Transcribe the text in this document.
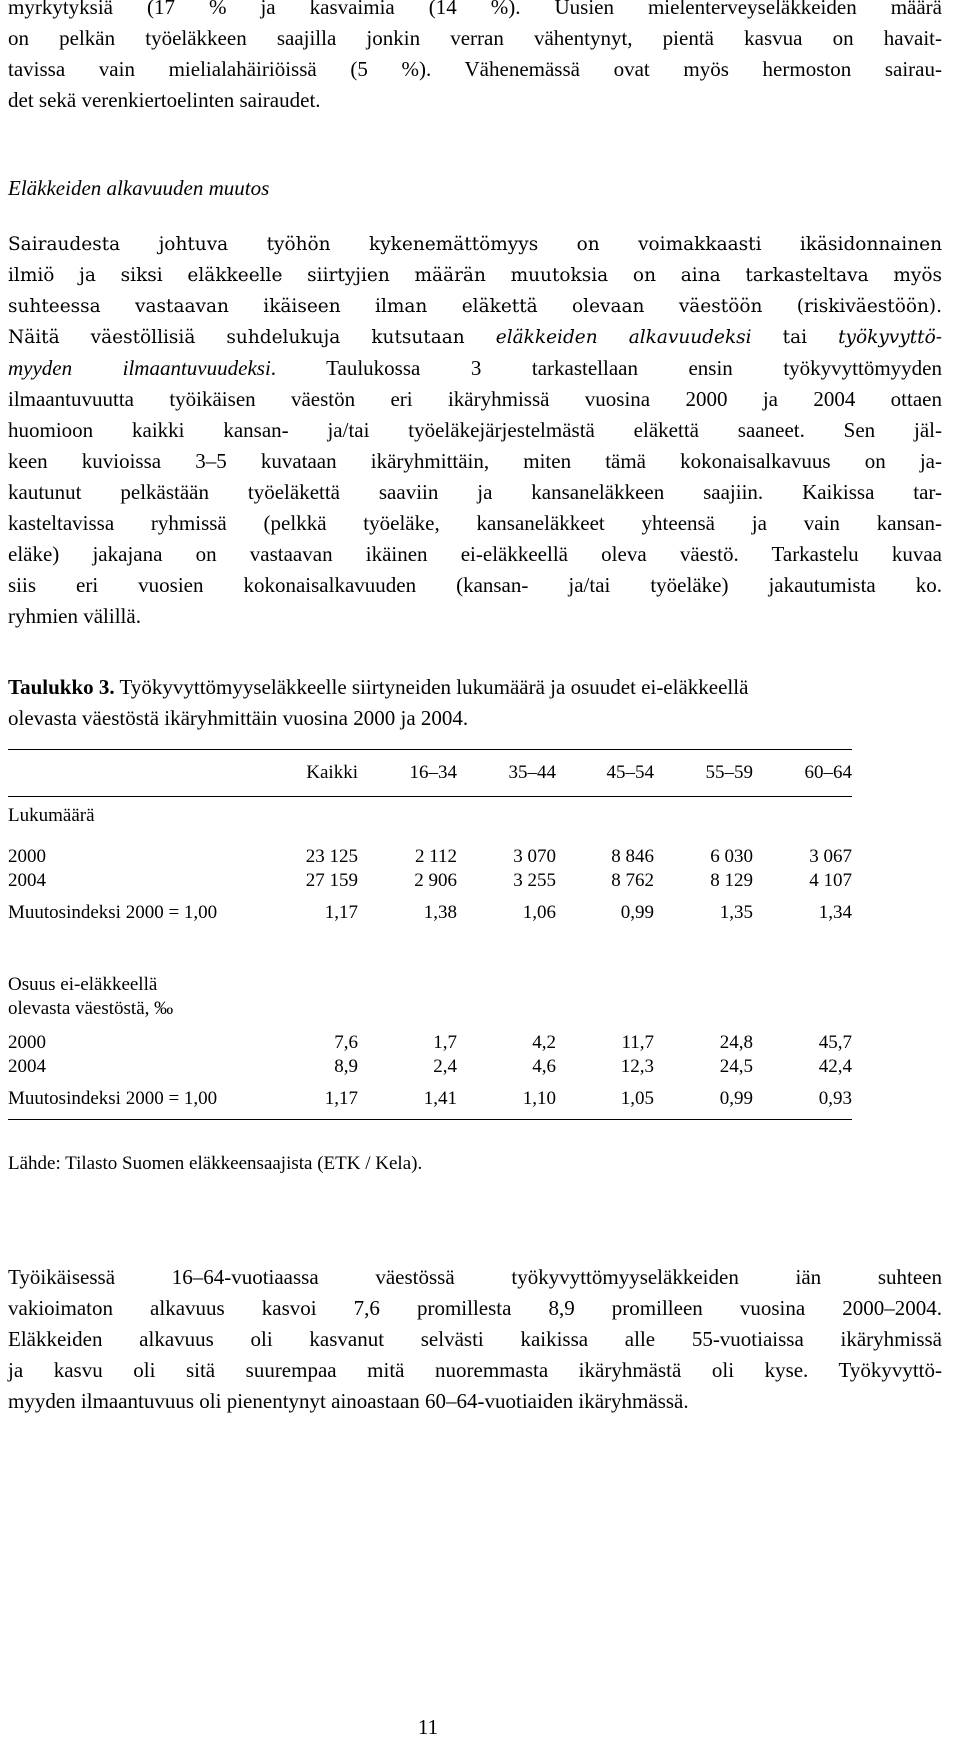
myrkytyksiä (17 % ja kasvaimia (14 %). Uusien mielenterveyseläkkeiden määrä
on pelkän työeläkkeen saajilla jonkin verran vähentynyt, pientä kasvua on havait-
tavissa vain mielialahäiriöissä (5 %). Vähenemässä ovat myös hermoston sairau-
det sekä verenkiertoelinten sairaudet.

Eläkkeiden alkavuuden muutos

Sairaudesta johtuva työhön kykenemättömyys on voimakkaasti ikäsidonnainen
ilmiö ja siksi eläkkeelle siirtyjien määrän muutoksia on aina tarkasteltava myös
suhteessa vastaavan ikäiseen ilman eläkettä olevaan väestöön (riskiväestöön).
Näitä väestöllisiä suhdelukuja kutsutaan eläkkeiden alkavuudeksi tai työkyvyttö-
myyden ilmaantuvuudeksi. Taulukossa 3 tarkastellaan ensin työkyvyttömyyden
ilmaantuvuutta työikäisen väestön eri ikäryhmissä vuosina 2000 ja 2004 ottaen
huomioon kaikki kansan- ja/tai työeläkejärjestelmästä eläkettä saaneet. Sen jäl-
keen kuvioissa 3–5 kuvataan ikäryhmittäin, miten tämä kokonaisalkavuus on ja-
kautunut pelkästään työeläkettä saaviin ja kansaneläkkeen saajiin. Kaikissa tar-
kasteltavissa ryhmissä (pelkkä työeläke, kansaneläkkeet yhteensä ja vain kansan-
eläke) jakajana on vastaavan ikäinen ei-eläkkeellä oleva väestö. Tarkastelu kuvaa
siis eri vuosien kokonaisalkavuuden (kansan- ja/tai työeläke) jakautumista ko.
ryhmien välillä.

Taulukko 3. Työkyvyttömyyseläkkeelle siirtyneiden lukumäärä ja osuudet ei-eläkkeellä
olevasta väestöstä ikäryhmittäin vuosina 2000 ja 2004.

	Kaikki	16–34	35–44	45–54	55–59	60–64

Lukumäärä						
2000	23 125	2 112	3 070	8 846	6 030	3 067
2004	27 159	2 906	3 255	8 762	8 129	4 107
Muutosindeksi 2000 = 1,00	1,17	1,38	1,06	0,99	1,35	1,34

Osuus ei-eläkkeellä
olevasta väestöstä, ‰						
2000	7,6	1,7	4,2	11,7	24,8	45,7
2004	8,9	2,4	4,6	12,3	24,5	42,4
Muutosindeksi 2000 = 1,00	1,17	1,41	1,10	1,05	0,99	0,93

Lähde: Tilasto Suomen eläkkeensaajista (ETK / Kela).

Työikäisessä 16–64-vuotiaassa väestössä työkyvyttömyyseläkkeiden iän suhteen
vakioimaton alkavuus kasvoi 7,6 promillesta 8,9 promilleen vuosina 2000–2004.
Eläkkeiden alkavuus oli kasvanut selvästi kaikissa alle 55-vuotiaissa ikäryhmissä
ja kasvu oli sitä suurempaa mitä nuoremmasta ikäryhmästä oli kyse. Työkyvyttö-
myyden ilmaantuvuus oli pienentynyt ainoastaan 60–64-vuotiaiden ikäryhmässä.

11
